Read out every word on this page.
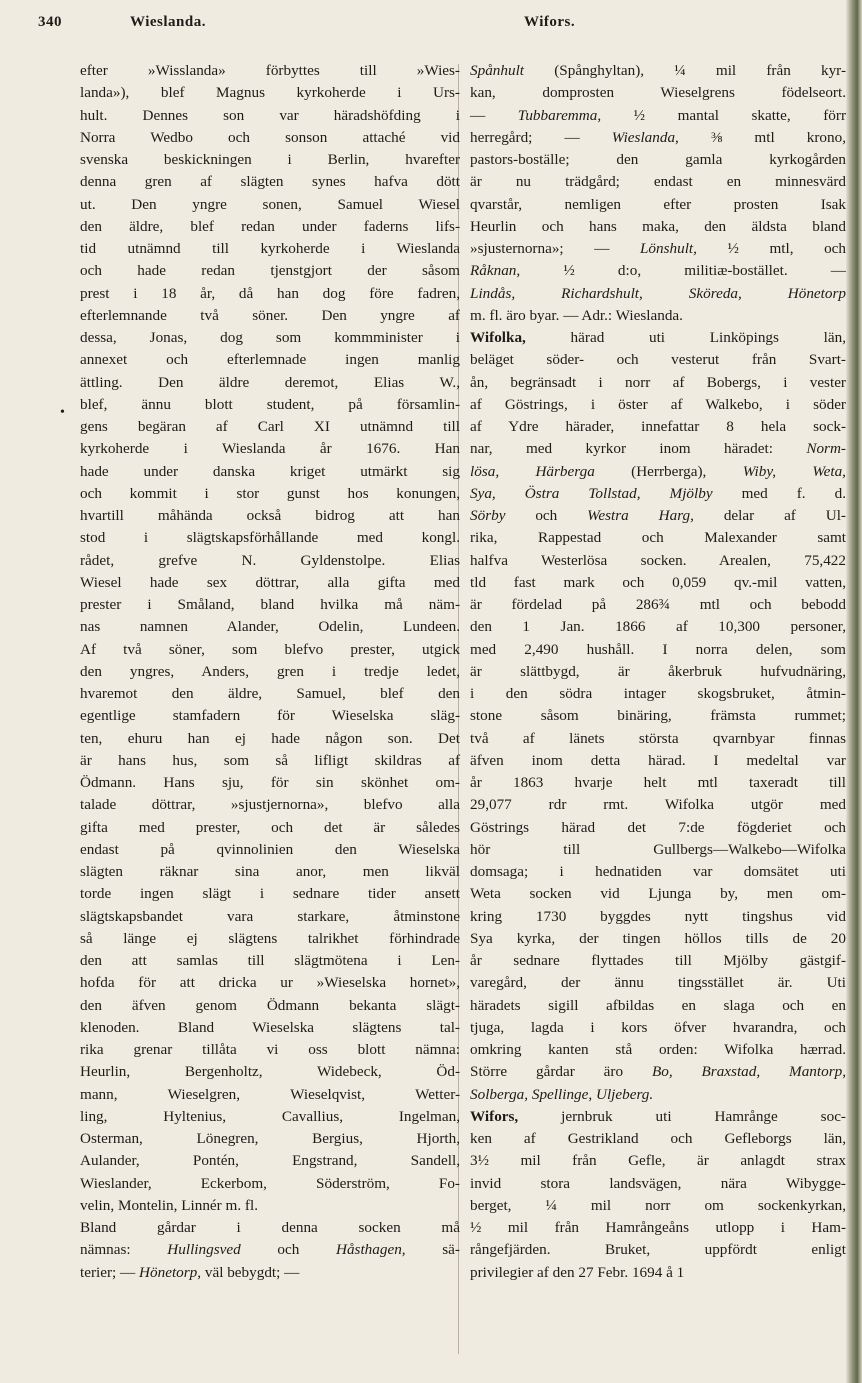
340	Wieslanda.	Wifors.
•
efter »Wisslanda» förbyttes till »Wies-
landa»), blef Magnus kyrkoherde i Urs-
hult. Dennes son var häradshöfding i
Norra Wedbo och sonson attaché vid
svenska beskickningen i Berlin, hvarefter
denna gren af slägten synes hafva dött
ut. Den yngre sonen, Samuel Wiesel
den äldre, blef redan under faderns lifs-
tid utnämnd till kyrkoherde i Wieslanda
och hade redan tjenstgjort der såsom
prest i 18 år, då han dog före fadren,
efterlemnande två söner. Den yngre af
dessa, Jonas, dog som kommminister i
annexet och efterlemnade ingen manlig
ättling. Den äldre deremot, Elias W.,
blef, ännu blott student, på församlin-
gens begäran af Carl XI utnämnd till
kyrkoherde i Wieslanda år 1676. Han
hade under danska kriget utmärkt sig
och kommit i stor gunst hos konungen,
hvartill måhända också bidrog att han
stod i slägtskapsförhållande med kongl.
rådet, grefve N. Gyldenstolpe. Elias
Wiesel hade sex döttrar, alla gifta med
prester i Småland, bland hvilka må näm-
nas namnen Alander, Odelin, Lundeen.
Af två söner, som blefvo prester, utgick
den yngres, Anders, gren i tredje ledet,
hvaremot den äldre, Samuel, blef den
egentlige stamfadern för Wieselska släg-
ten, ehuru han ej hade någon son. Det
är hans hus, som så lifligt skildras af
Ödmann. Hans sju, för sin skönhet om-
talade döttrar, »sjustjernorna», blefvo alla
gifta med prester, och det är således
endast på qvinnolinien den Wieselska
slägten räknar sina anor, men likväl
torde ingen slägt i sednare tider ansett
slägtskapsbandet vara starkare, åtminstone
så länge ej slägtens talrikhet förhindrade
den att samlas till slägtmötena i Len-
hofda för att dricka ur »Wieselska hornet»,
den äfven genom Ödmann bekanta slägt-
klenoden. Bland Wieselska slägtens tal-
rika grenar tillåta vi oss blott nämna:
Heurlin, Bergenholtz, Widebeck, Öd-
mann, Wieselgren, Wieselqvist, Wetter-
ling, Hyltenius, Cavallius, Ingelman,
Osterman, Lönegren, Bergius, Hjorth,
Aulander, Pontén, Engstrand, Sandell,
Wieslander, Eckerbom, Söderström, Fo-
velin, Montelin, Linnér m. fl.
Bland gårdar i denna socken må
nämnas: Hullingsved och Håsthagen, sä-
terier; — Hönetorp, väl bebygdt; —
Spånhult (Spånghyltan), ¼ mil från kyr-
kan, domprosten Wieselgrens födelseort.
— Tubbaremma, ½ mantal skatte, förr
herregård; — Wieslanda, ⅜ mtl krono,
pastors-boställe; den gamla kyrkogården
är nu trädgård; endast en minnesvärd
qvarstår, nemligen efter prosten Isak
Heurlin och hans maka, den äldsta bland
»sjusternorna»; — Lönshult, ½ mtl, och
Råknan, ½ d:o, militiæ-bostället. —
Lindås, Richardshult, Sköreda, Hönetorp
m. fl. äro byar. — Adr.: Wieslanda.
Wifolka, härad uti Linköpings län,
beläget söder- och vesterut från Svart-
ån, begränsadt i norr af Bobergs, i vester
af Göstrings, i öster af Walkebo, i söder
af Ydre härader, innefattar 8 hela sock-
nar, med kyrkor inom häradet: Norm-
lösa, Härberga (Herrberga), Wiby, Weta,
Sya, Östra Tollstad, Mjölby med f. d.
Sörby och Westra Harg, delar af Ul-
rika, Rappestad och Malexander samt
halfva Westerlösa socken. Arealen, 75,422
tld fast mark och 0,059 qv.-mil vatten,
är fördelad på 286¾ mtl och bebodd
den 1 Jan. 1866 af 10,300 personer,
med 2,490 hushåll. I norra delen, som
är slättbygd, är åkerbruk hufvudnäring,
i den södra intager skogsbruket, åtmin-
stone såsom binäring, främsta rummet;
två af länets största qvarnbyar finnas
äfven inom detta härad. I medeltal var
år 1863 hvarje helt mtl taxeradt till
29,077 rdr rmt. Wifolka utgör med
Göstrings härad det 7:de fögderiet och
hör till Gullbergs—Walkebo—Wifolka
domsaga; i hednatiden var domsätet uti
Weta socken vid Ljunga by, men om-
kring 1730 byggdes nytt tingshus vid
Sya kyrka, der tingen höllos tills de 20
år sednare flyttades till Mjölby gästgif-
varegård, der ännu tingsstället är. Uti
häradets sigill afbildas en slaga och en
tjuga, lagda i kors öfver hvarandra, och
omkring kanten stå orden: Wifolka hærrad.
Större gårdar äro Bo, Braxstad, Mantorp,
Solberga, Spellinge, Uljeberg.
Wifors, jernbruk uti Hamrånge soc-
ken af Gestrikland och Gefleborgs län,
3½ mil från Gefle, är anlagdt strax
invid stora landsvägen, nära Wibygge-
berget, ¼ mil norr om sockenkyrkan,
½ mil från Hamrångeåns utlopp i Ham-
rångefjärden. Bruket, uppfördt enligt
privilegier af den 27 Febr. 1694 å 1
